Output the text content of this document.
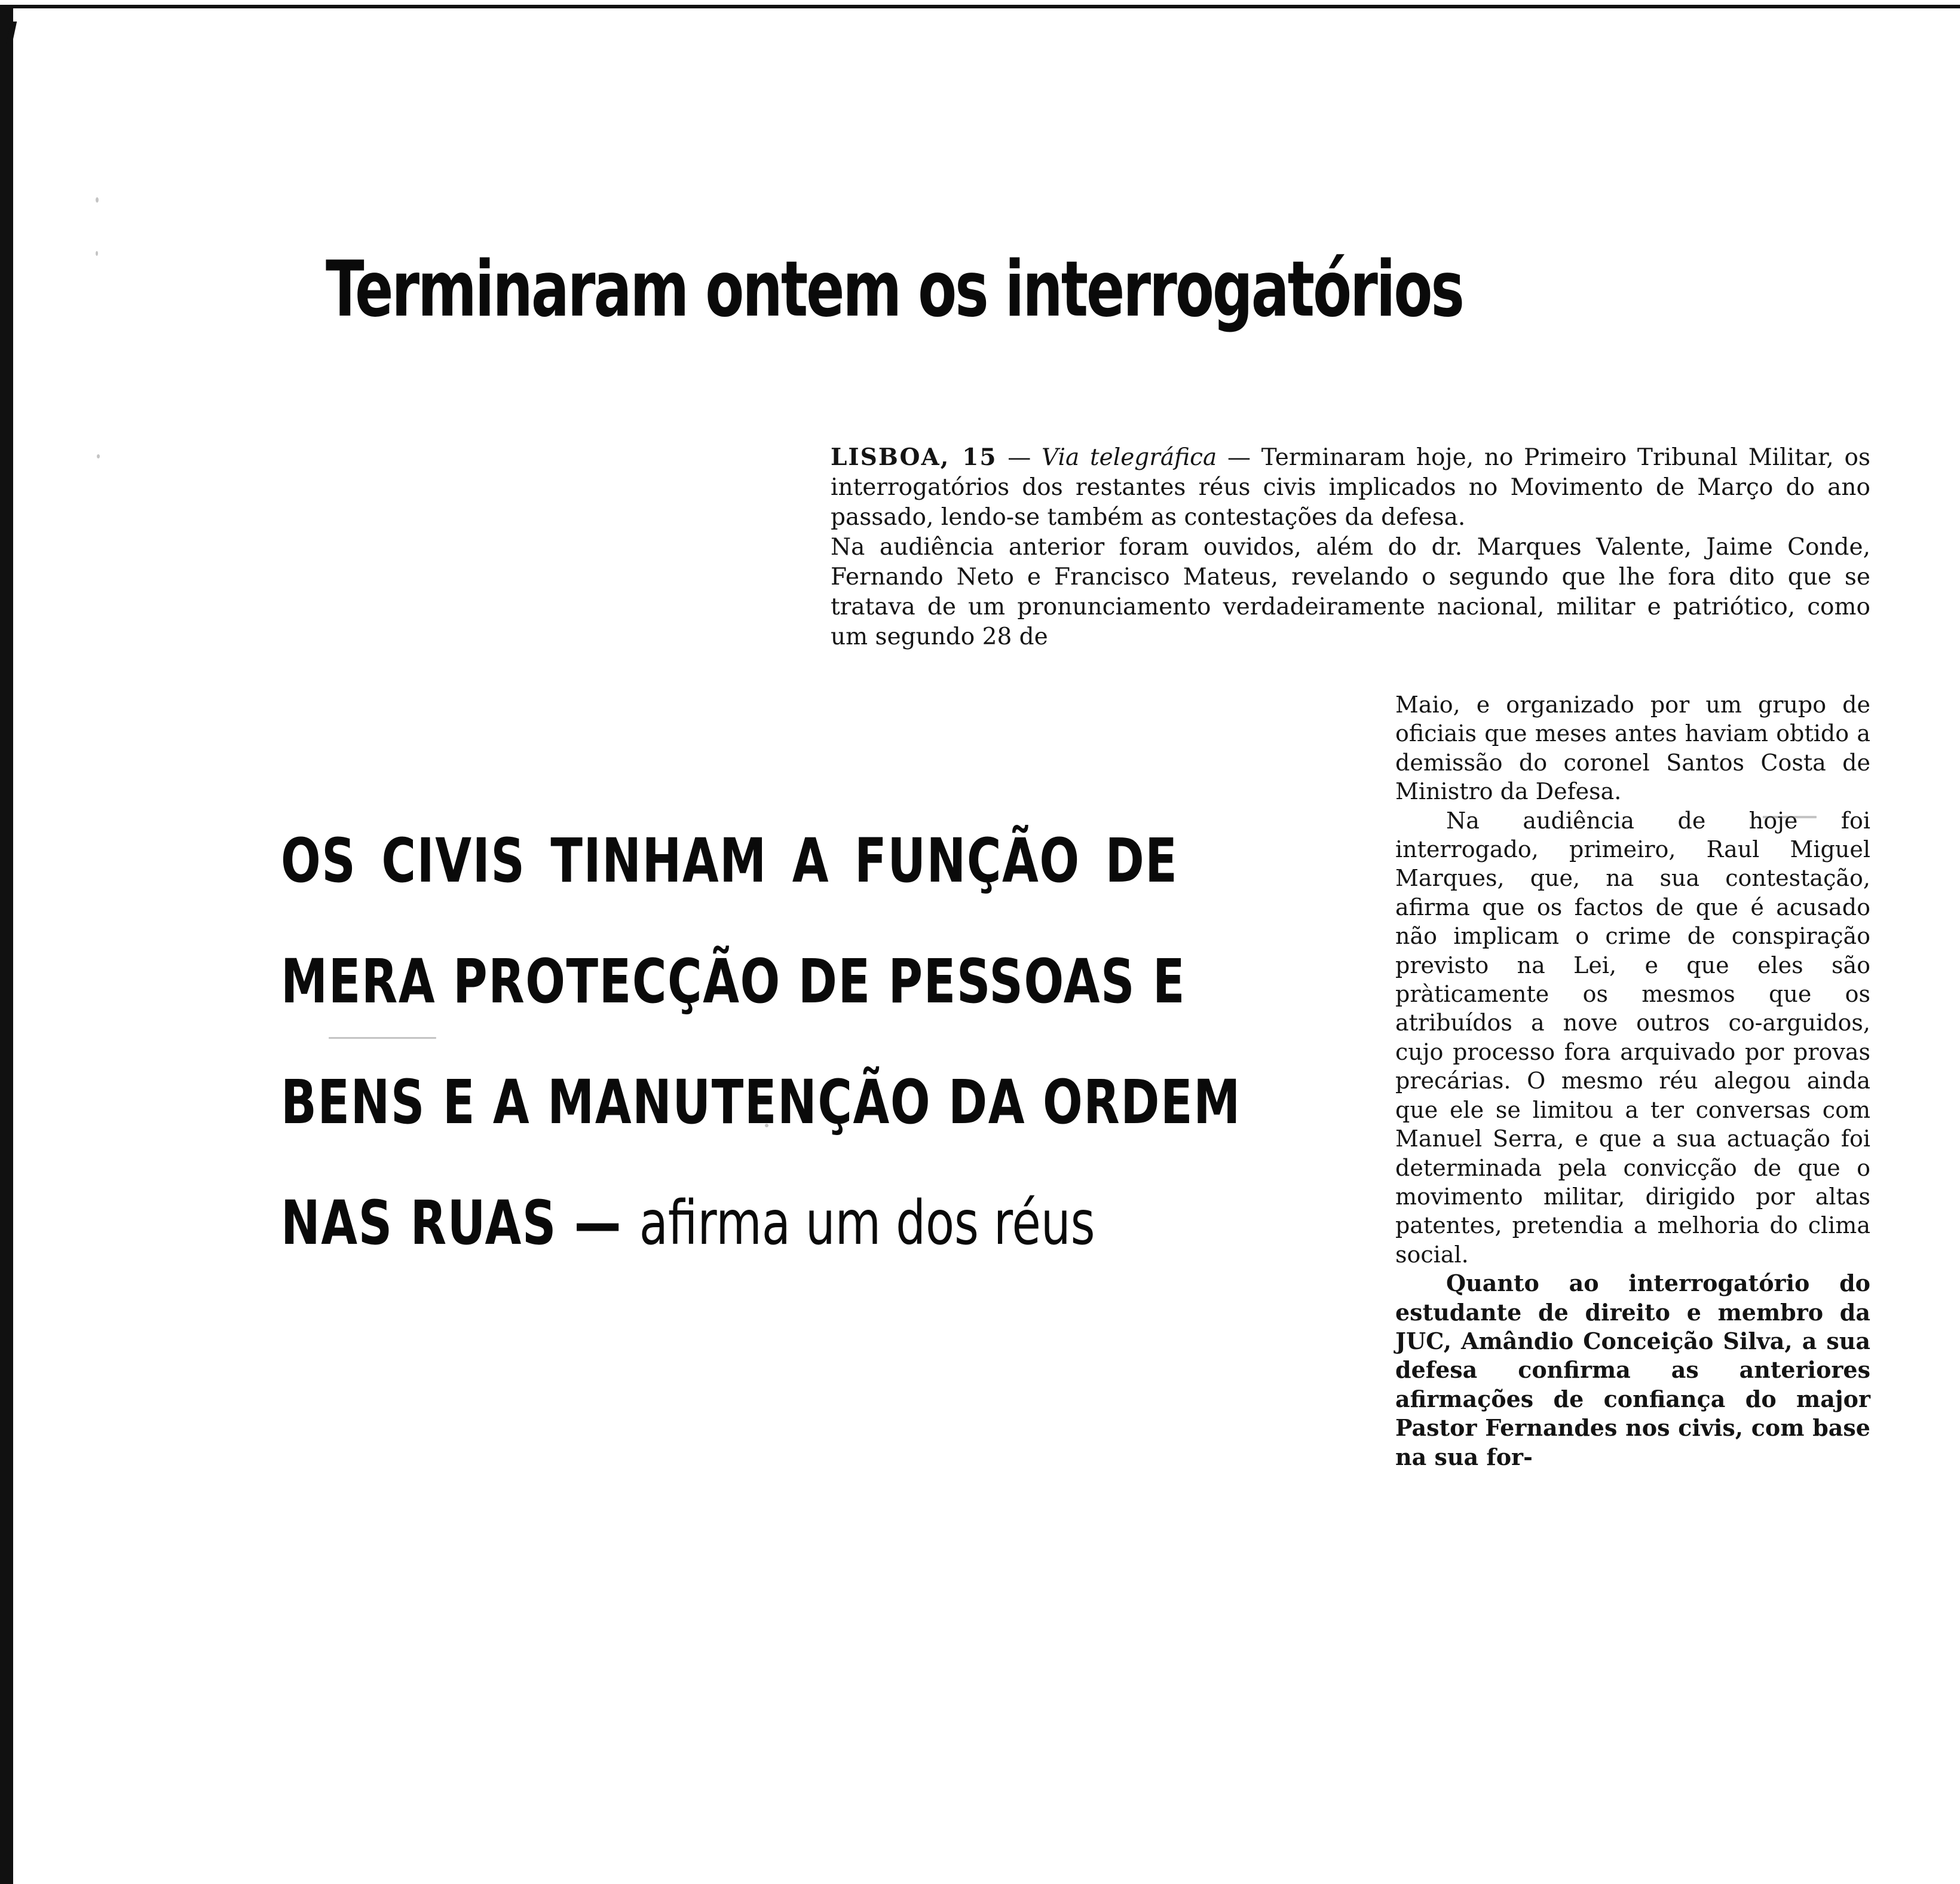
Terminaram ontem os interrogatórios
OS CIVIS TINHAM A FUNÇÃO DE
MERA PROTECÇÃO DE PESSOAS E
BENS E A MANUTENÇÃO DA ORDEM
NAS RUAS — afirma um dos réus

LISBOA, 15 — Via telegráfica — Terminaram hoje, no Primeiro Tribunal Militar, os interrogatórios dos restantes réus civis implicados no Movimento de Março do ano passado, lendo-se também as contestações da defesa.

Na audiência anterior foram ouvidos, além do dr. Marques Valente, Jaime Conde, Fernando Neto e Francisco Mateus, revelando o segundo que lhe fora dito que se tratava de um pronunciamento verdadeiramente nacional, militar e patriótico, como um segundo 28 de

Maio, e organizado por um grupo de oficiais que meses antes haviam obtido a demissão do coronel Santos Costa de Ministro da Defesa.

Na audiência de hoje foi interrogado, primeiro, Raul Miguel Marques, que, na sua contestação, afirma que os factos de que é acusado não implicam o crime de conspiração previsto na Lei, e que eles são pràticamente os mesmos que os atribuídos a nove outros co-arguidos, cujo processo fora arquivado por provas precárias. O mesmo réu alegou ainda que ele se limitou a ter conversas com Manuel Serra, e que a sua actuação foi determinada pela convicção de que o movimento militar, dirigido por altas patentes, pretendia a melhoria do clima social.

Quanto ao interrogatório do estudante de direito e membro da JUC, Amândio Conceição Silva, a sua defesa confirma as anteriores afirmações de confiança do major Pastor Fernandes nos civis, com base na sua for-
